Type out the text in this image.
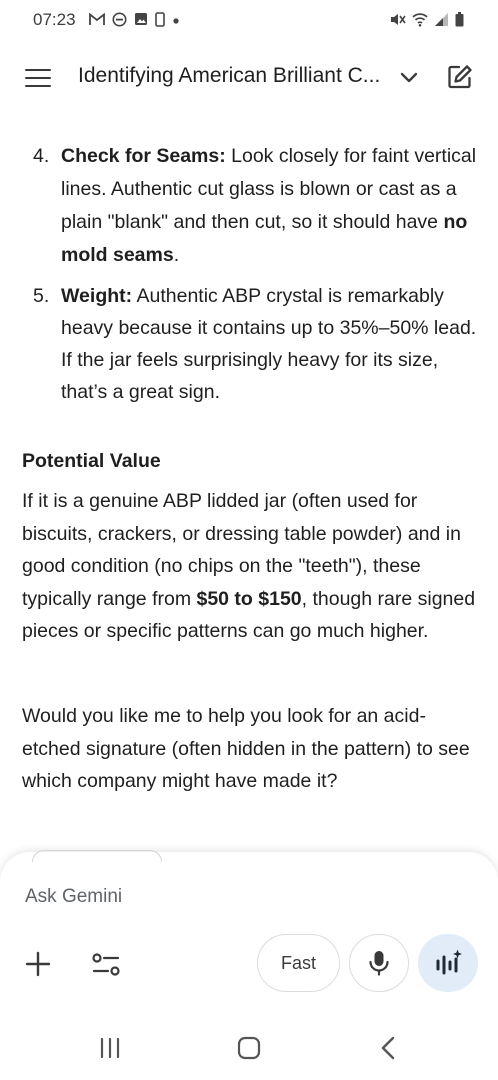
07:23
Identifying American Brilliant C...
4. Check for Seams: Look closely for faint vertical lines. Authentic cut glass is blown or cast as a plain "blank" and then cut, so it should have no mold seams.
5. Weight: Authentic ABP crystal is remarkably heavy because it contains up to 35%–50% lead. If the jar feels surprisingly heavy for its size, that’s a great sign.
Potential Value
If it is a genuine ABP lidded jar (often used for biscuits, crackers, or dressing table powder) and in good condition (no chips on the "teeth"), these typically range from $50 to $150, though rare signed pieces or specific patterns can go much higher.
Would you like me to help you look for an acid-etched signature (often hidden in the pattern) to see which company might have made it?
Ask Gemini
Fast
